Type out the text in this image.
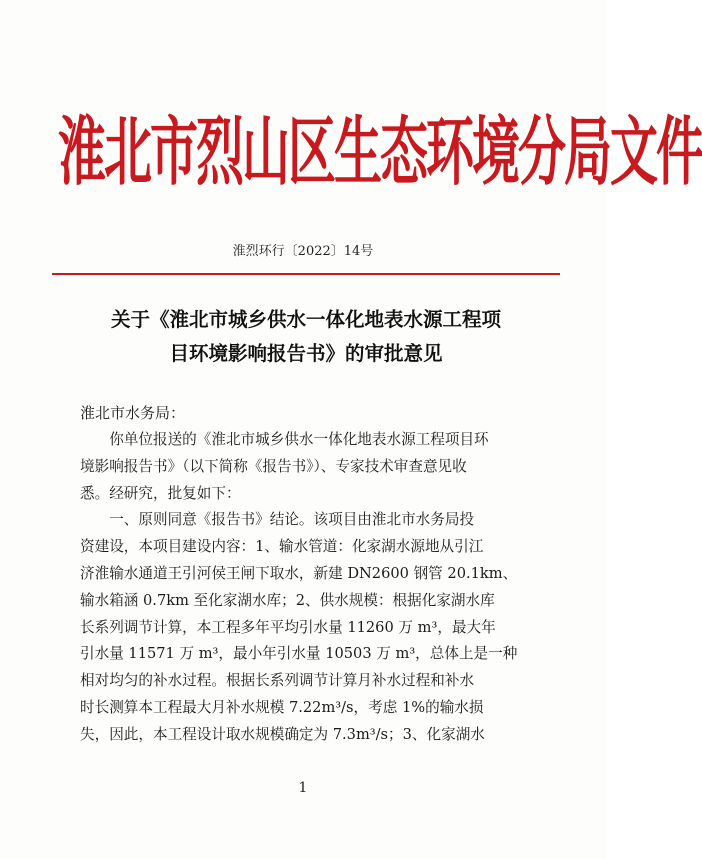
淮北市烈山区生态环境分局文件
淮烈环行〔2022〕14号
关于《淮北市城乡供水一体化地表水源工程项
目环境影响报告书》的审批意见
淮北市水务局：
　　你单位报送的《淮北市城乡供水一体化地表水源工程项目环
境影响报告书》（以下简称《报告书》）、专家技术审查意见收
悉。经研究，批复如下：
　　一、原则同意《报告书》结论。该项目由淮北市水务局投
资建设，本项目建设内容：1、输水管道：化家湖水源地从引江
济淮输水通道王引河侯王闸下取水，新建 DN2600 钢管 20.1km、
输水箱涵 0.7km 至化家湖水库；2、供水规模：根据化家湖水库
长系列调节计算，本工程多年平均引水量 11260 万 m³，最大年
引水量 11571 万 m³，最小年引水量 10503 万 m³，总体上是一种
相对均匀的补水过程。根据长系列调节计算月补水过程和补水
时长测算本工程最大月补水规模 7.22m³/s，考虑 1%的输水损
失，因此，本工程设计取水规模确定为 7.3m³/s；3、化家湖水
1
